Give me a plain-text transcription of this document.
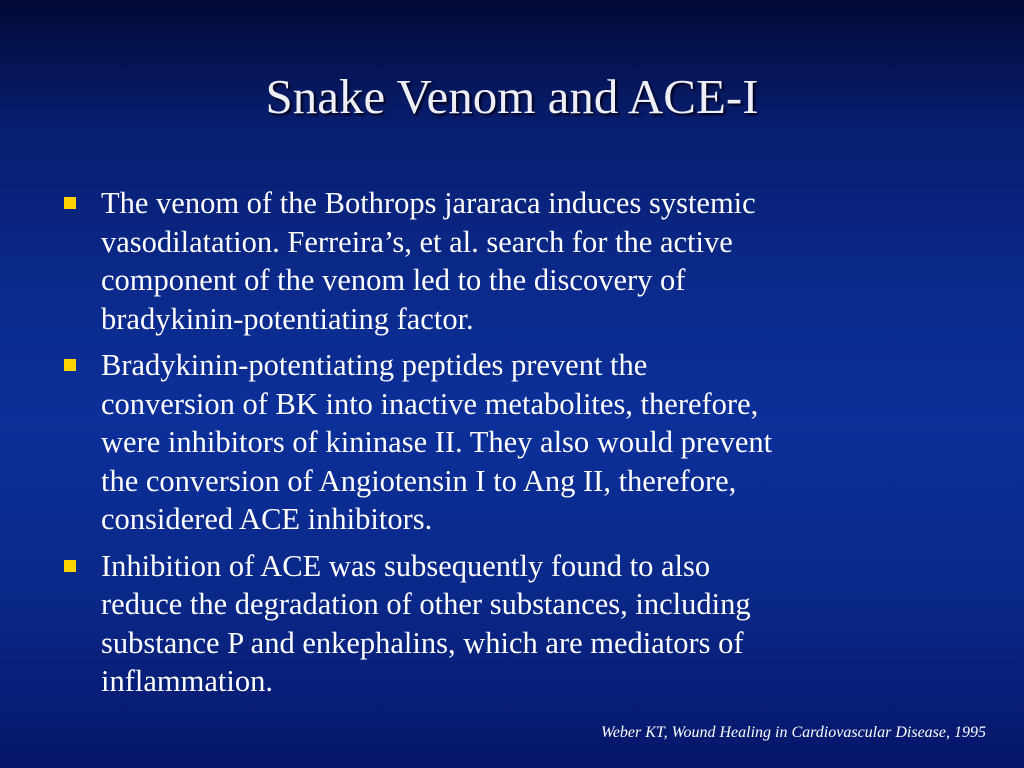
Snake Venom and ACE-I
The venom of the Bothrops jararaca induces systemic
vasodilatation. Ferreira’s, et al. search for the active
component of the venom led to the discovery of
bradykinin-potentiating factor.
Bradykinin-potentiating peptides prevent the
conversion of BK into inactive metabolites, therefore,
were inhibitors of kininase II. They also would prevent
the conversion of Angiotensin I to Ang II, therefore,
considered ACE inhibitors.
Inhibition of ACE was subsequently found to also
reduce the degradation of other substances, including
substance P and enkephalins, which are mediators of
inflammation.
Weber KT, Wound Healing in Cardiovascular Disease, 1995
